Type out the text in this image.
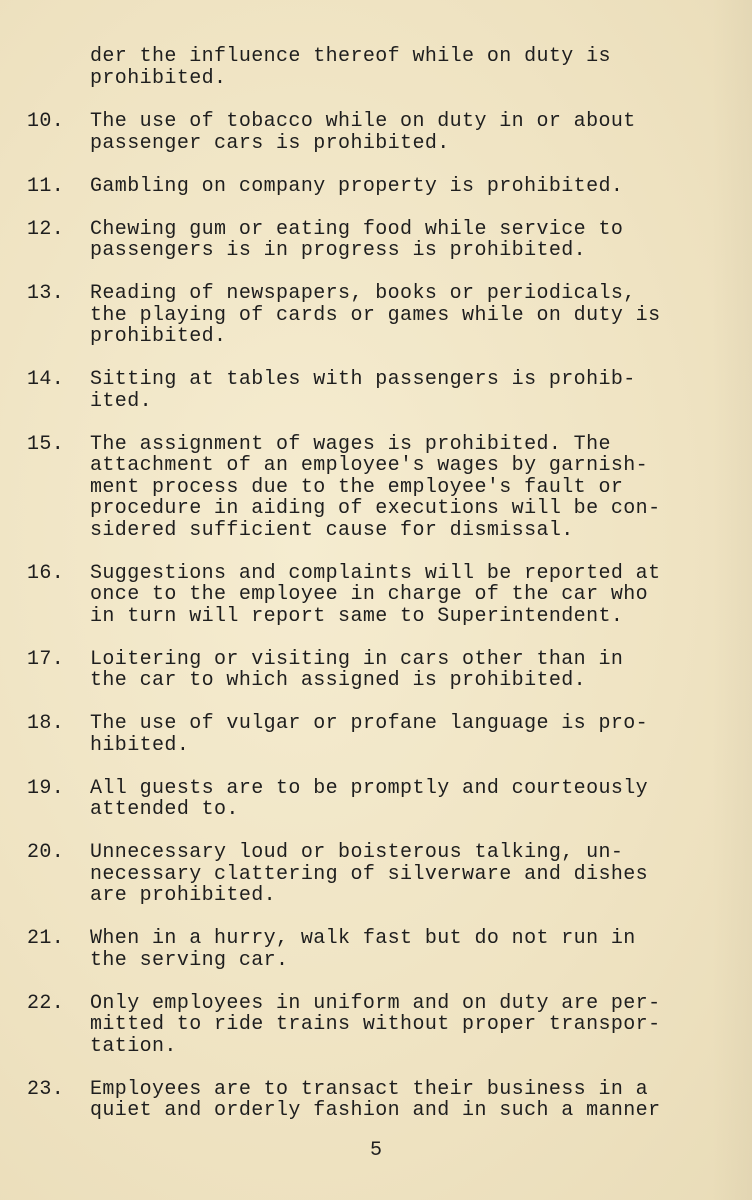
der the influence thereof while on duty is
prohibited.

10.	The use of tobacco while on duty in or about
passenger cars is prohibited.
11.	Gambling on company property is prohibited.
12.	Chewing gum or eating food while service to
passengers is in progress is prohibited.
13.	Reading of newspapers, books or periodicals,
the playing of cards or games while on duty is
prohibited.
14.	Sitting at tables with passengers is prohib-
ited.
15.	The assignment of wages is prohibited. The
attachment of an employee's wages by garnish-
ment process due to the employee's fault or
procedure in aiding of executions will be con-
sidered sufficient cause for dismissal.
16.	Suggestions and complaints will be reported at
once to the employee in charge of the car who
in turn will report same to Superintendent.
17.	Loitering or visiting in cars other than in
the car to which assigned is prohibited.
18.	The use of vulgar or profane language is pro-
hibited.
19.	All guests are to be promptly and courteously
attended to.
20.	Unnecessary loud or boisterous talking, un-
necessary clattering of silverware and dishes
are prohibited.
21.	When in a hurry, walk fast but do not run in
the serving car.
22.	Only employees in uniform and on duty are per-
mitted to ride trains without proper transpor-
tation.
23.	Employees are to transact their business in a
quiet and orderly fashion and in such a manner
5
